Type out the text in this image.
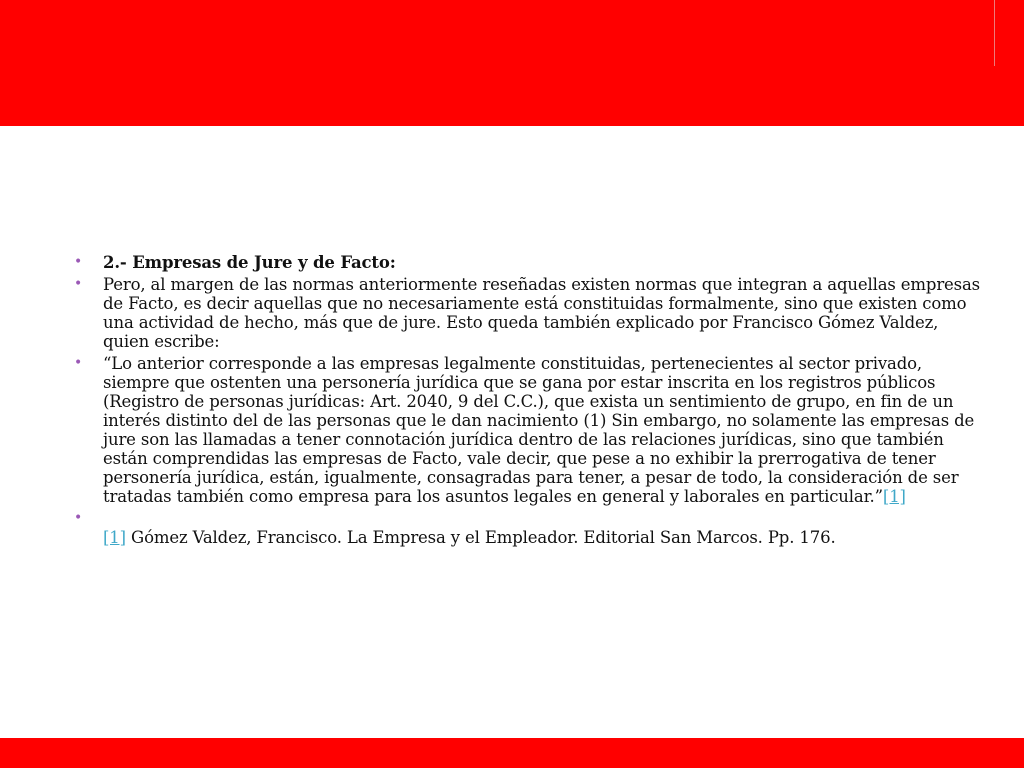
• 2.- Empresas de Jure y de Facto:
• Pero, al margen de las normas anteriormente reseñadas existen normas que integran a aquellas empresas de Facto, es decir aquellas que no necesariamente está constituidas formalmente, sino que existen como una actividad de hecho, más que de jure. Esto queda también explicado por Francisco Gómez Valdez, quien escribe:
• “Lo anterior corresponde a las empresas legalmente constituidas, pertenecientes al sector privado, siempre que ostenten una personería jurídica que se gana por estar inscrita en los registros públicos (Registro de personas jurídicas: Art. 2040, 9 del C.C.), que exista un sentimiento de grupo, en fin de un interés distinto del de las personas que le dan nacimiento (1) Sin embargo, no solamente las empresas de jure son las llamadas a tener connotación jurídica dentro de las relaciones jurídicas, sino que también están comprendidas las empresas de Facto, vale decir, que pese a no exhibir la prerrogativa de tener personería jurídica, están, igualmente, consagradas para tener, a pesar de todo, la consideración de ser tratadas también como empresa para los asuntos legales en general y laborales en particular.”[1]
•

[1] Gómez Valdez, Francisco. La Empresa y el Empleador. Editorial San Marcos. Pp. 176.
